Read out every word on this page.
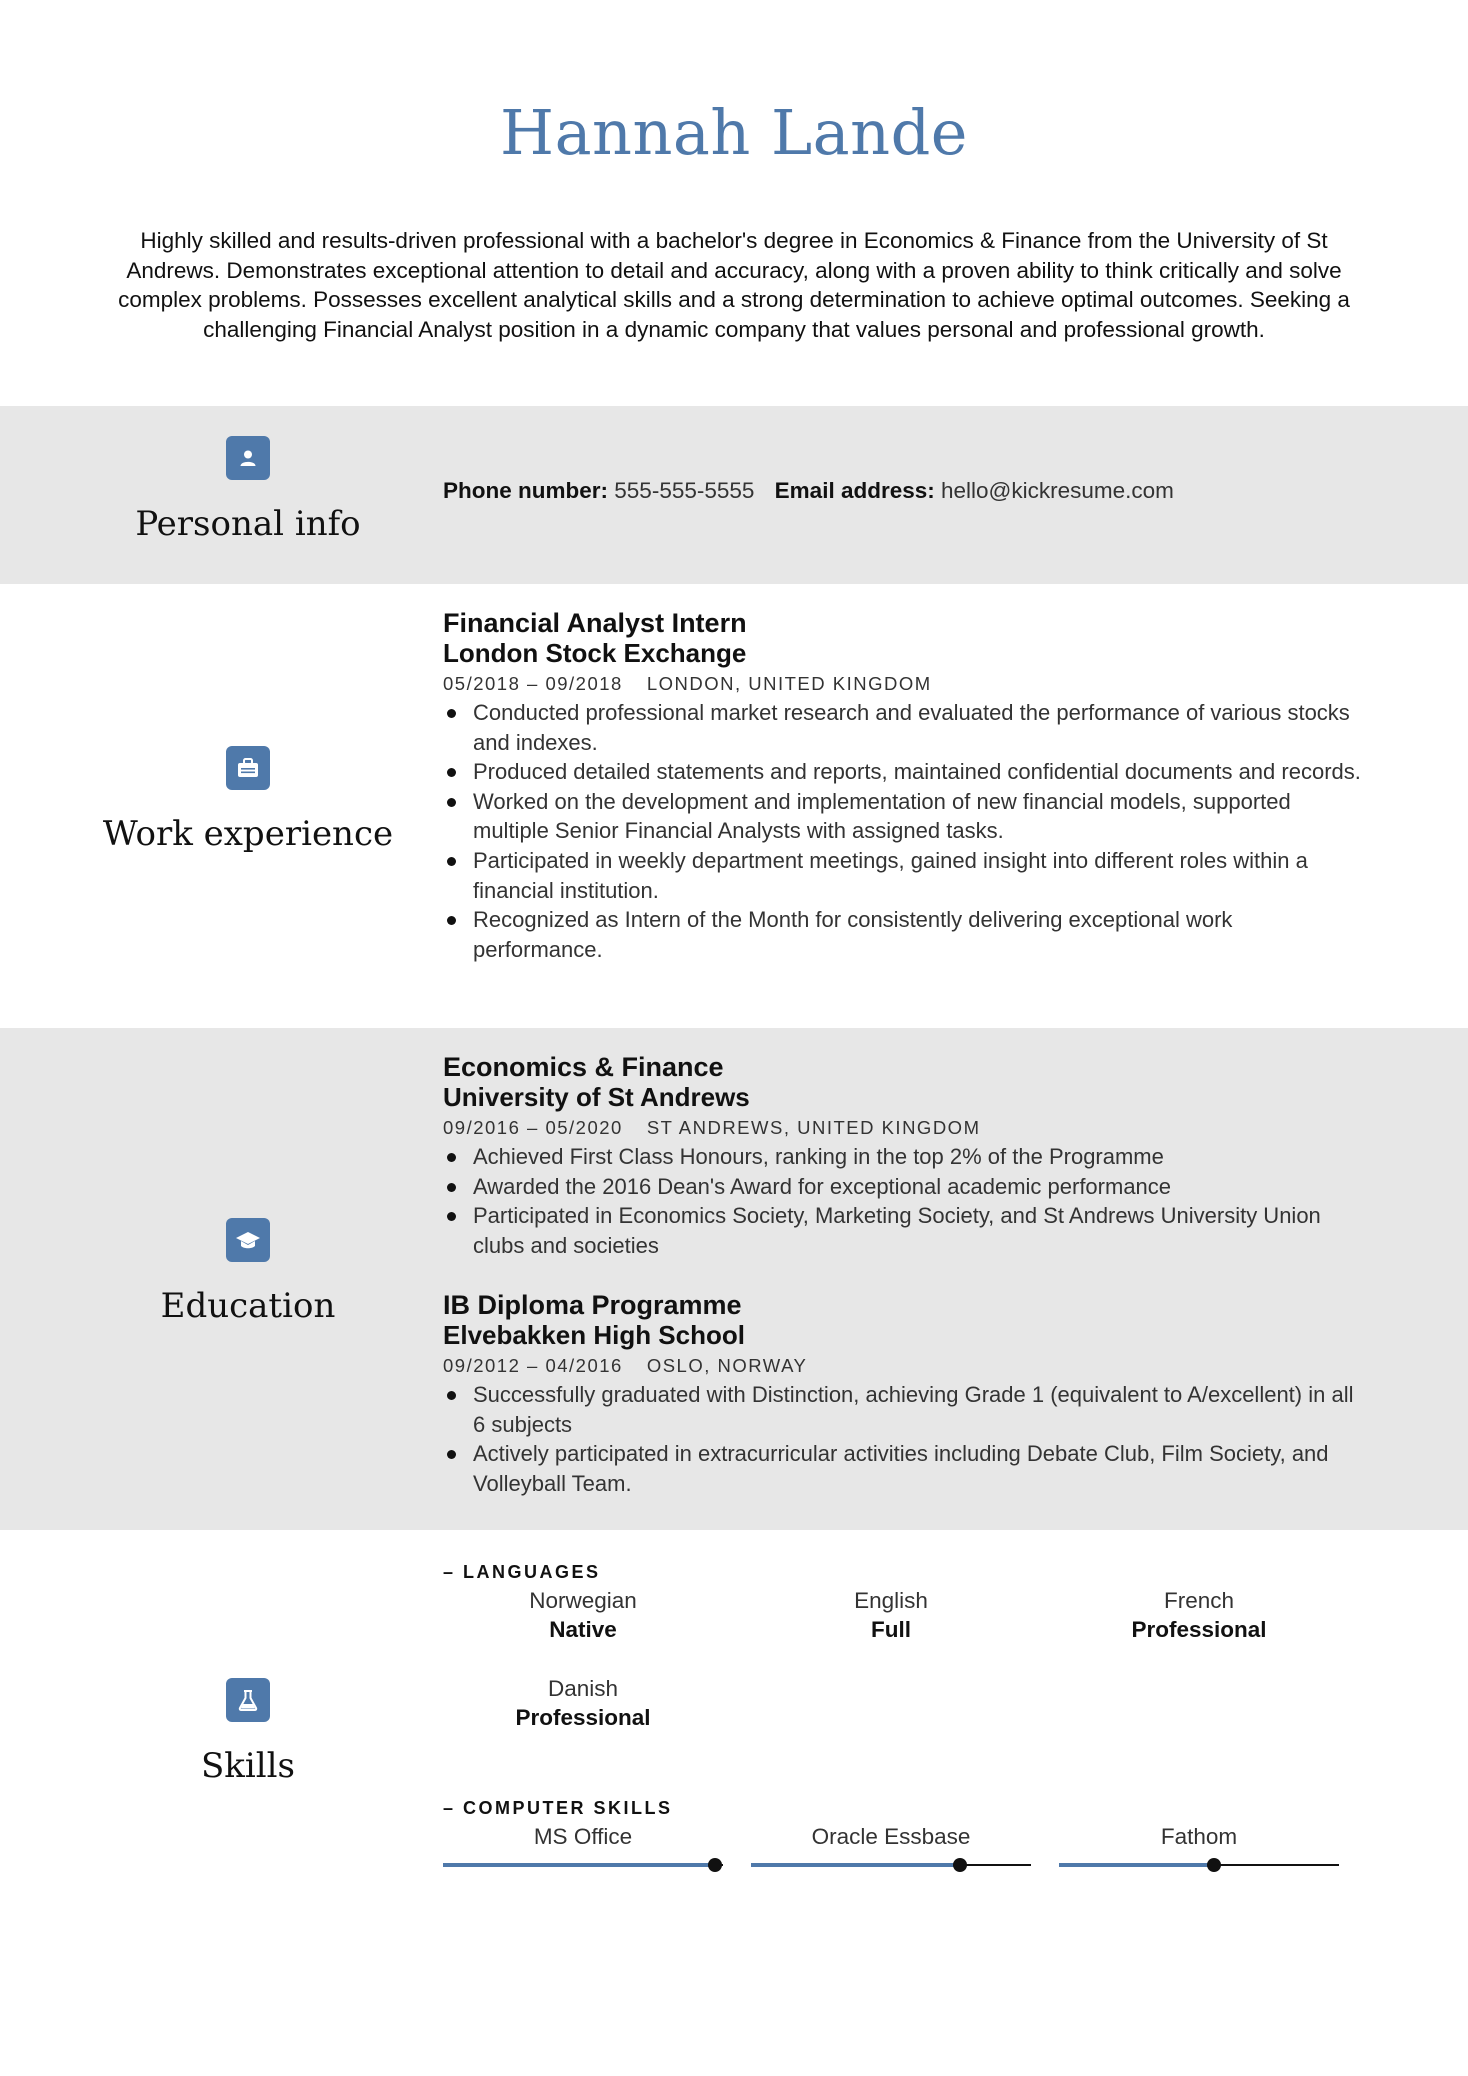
Hannah Lande

Highly skilled and results-driven professional with a bachelor's degree in Economics & Finance from the University of St Andrews. Demonstrates exceptional attention to detail and accuracy, along with a proven ability to think critically and solve complex problems. Possesses excellent analytical skills and a strong determination to achieve optimal outcomes. Seeking a challenging Financial Analyst position in a dynamic company that values personal and professional growth.

Personal info
Phone number: 555-555-5555 Email address: hello@kickresume.com
Work experience
Financial Analyst Intern
London Stock Exchange
05/2018 – 09/2018 LONDON, UNITED KINGDOM
Conducted professional market research and evaluated the performance of various stocks and indexes.
Produced detailed statements and reports, maintained confidential documents and records.
Worked on the development and implementation of new financial models, supported multiple Senior Financial Analysts with assigned tasks.
Participated in weekly department meetings, gained insight into different roles within a financial institution.
Recognized as Intern of the Month for consistently delivering exceptional work performance.
Education
Economics & Finance
University of St Andrews
09/2016 – 05/2020 ST ANDREWS, UNITED KINGDOM
Achieved First Class Honours, ranking in the top 2% of the Programme
Awarded the 2016 Dean's Award for exceptional academic performance
Participated in Economics Society, Marketing Society, and St Andrews University Union clubs and societies
IB Diploma Programme
Elvebakken High School
09/2012 – 04/2016 OSLO, NORWAY
Successfully graduated with Distinction, achieving Grade 1 (equivalent to A/excellent) in all 6 subjects
Actively participated in extracurricular activities including Debate Club, Film Society, and Volleyball Team.
Skills
– LANGUAGES
Norwegian
Native
English
Full
French
Professional
Danish
Professional
– COMPUTER SKILLS
MS Office	Oracle Essbase	Fathom
